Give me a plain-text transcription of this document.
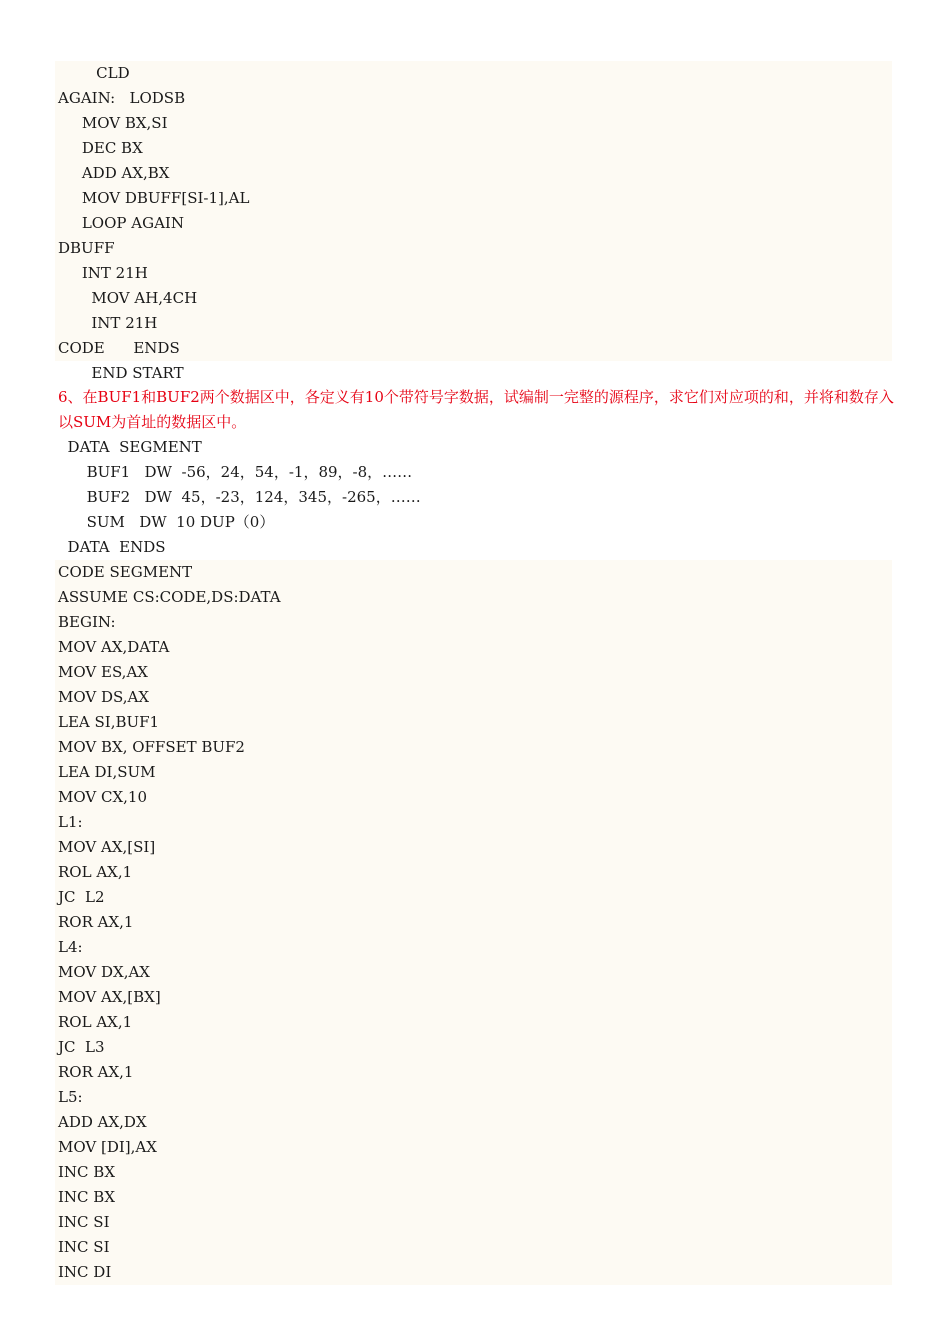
CLD
AGAIN:   LODSB
MOV BX,SI
DEC BX
ADD AX,BX
MOV DBUFF[SI-1],AL
LOOP AGAIN
DBUFF
INT 21H
MOV AH,4CH
INT 21H
CODE      ENDS
END START
6、在BUF1和BUF2两个数据区中，各定义有10个带符号字数据，试编制一完整的源程序，求它们对应项的和，并将和数存入以SUM为首址的数据区中。
DATA  SEGMENT
BUF1   DW  -56，24，54，-1，89，-8，……
BUF2   DW  45，-23，124，345，-265，……
SUM   DW  10 DUP（0）
DATA  ENDS
CODE SEGMENT
ASSUME CS:CODE,DS:DATA
BEGIN:
MOV AX,DATA
MOV ES,AX
MOV DS,AX
LEA SI,BUF1
MOV BX, OFFSET BUF2
LEA DI,SUM
MOV CX,10
L1:
MOV AX,[SI]
ROL AX,1
JC  L2
ROR AX,1
L4:
MOV DX,AX
MOV AX,[BX]
ROL AX,1
JC  L3
ROR AX,1
L5:
ADD AX,DX
MOV [DI],AX
INC BX
INC BX
INC SI
INC SI
INC DI
